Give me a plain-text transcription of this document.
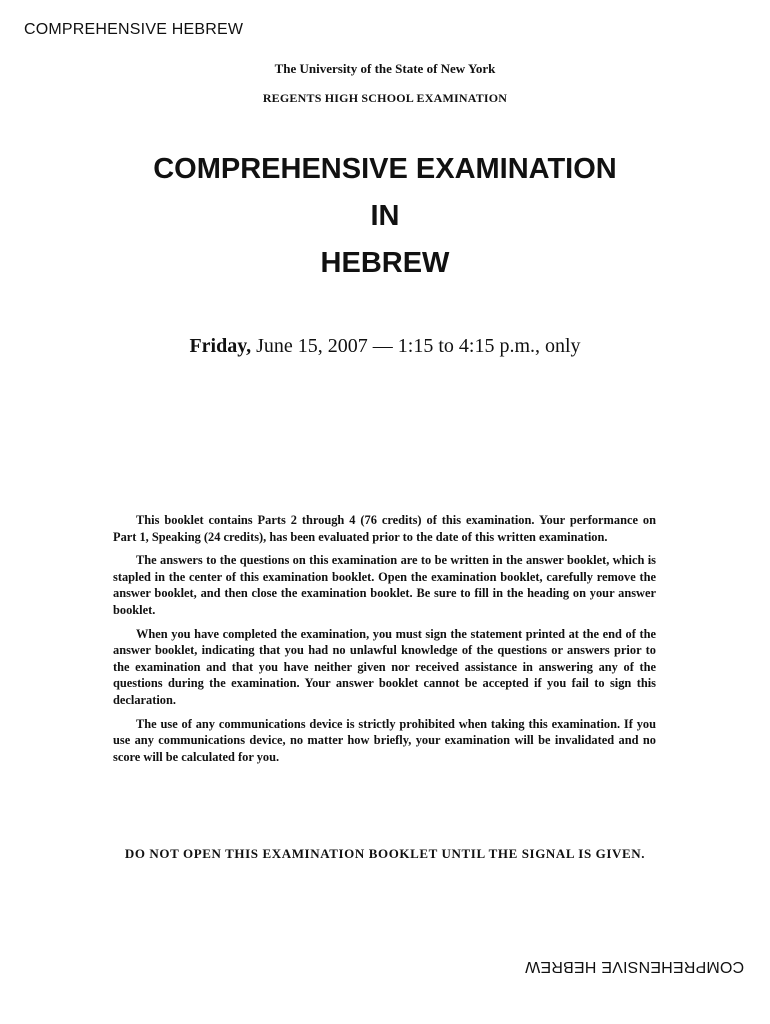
COMPREHENSIVE HEBREW
The University of the State of New York
REGENTS HIGH SCHOOL EXAMINATION
COMPREHENSIVE EXAMINATION
IN
HEBREW
Friday, June 15, 2007 — 1:15 to 4:15 p.m., only

This booklet contains Parts 2 through 4 (76 credits) of this examination. Your performance on Part 1, Speaking (24 credits), has been evaluated prior to the date of this written examination.

The answers to the questions on this examination are to be written in the answer booklet, which is stapled in the center of this examination booklet. Open the examination booklet, carefully remove the answer booklet, and then close the examination booklet. Be sure to fill in the heading on your answer booklet.

When you have completed the examination, you must sign the statement printed at the end of the answer booklet, indicating that you had no unlawful knowledge of the questions or answers prior to the examination and that you have neither given nor received assistance in answering any of the questions during the examination. Your answer booklet cannot be accepted if you fail to sign this declaration.

The use of any communications device is strictly prohibited when taking this examination. If you use any communications device, no matter how briefly, your examination will be invalidated and no score will be calculated for you.

DO NOT OPEN THIS EXAMINATION BOOKLET UNTIL THE SIGNAL IS GIVEN.
COMPREHENSIVE HEBREW
